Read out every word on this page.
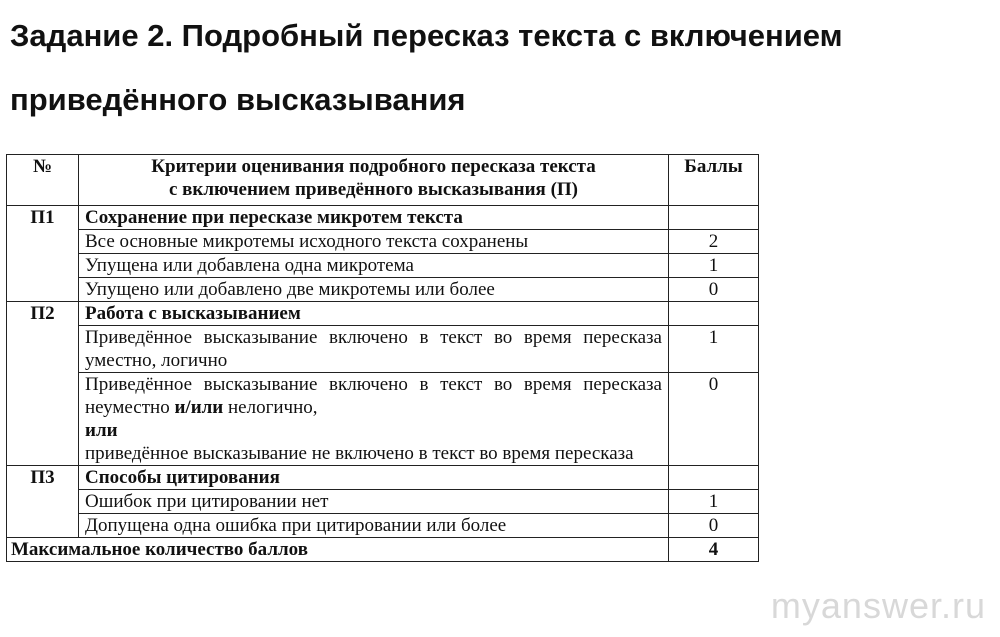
Задание 2. Подробный пересказ текста с включением
приведённого высказывания
№	Критерии оценивания подробного пересказа текста
с включением приведённого высказывания (П)	Баллы
П1	Сохранение при пересказе микротем текста	
	Все основные микротемы исходного текста сохранены	2
	Упущена или добавлена одна микротема	1
	Упущено или добавлено две микротемы или более	0
П2	Работа с высказыванием	
	Приведённое высказывание включено в текст во время пересказа уместно, логично	1

	Приведённое высказывание включено в текст во время пересказа неуместно и/или нелогично,
или
приведённое высказывание не включено в текст во время пересказа	0
П3	Способы цитирования	
	Ошибок при цитировании нет	1
	Допущена одна ошибка при цитировании или более	0
Максимальное количество баллов		4
myanswer.ru
